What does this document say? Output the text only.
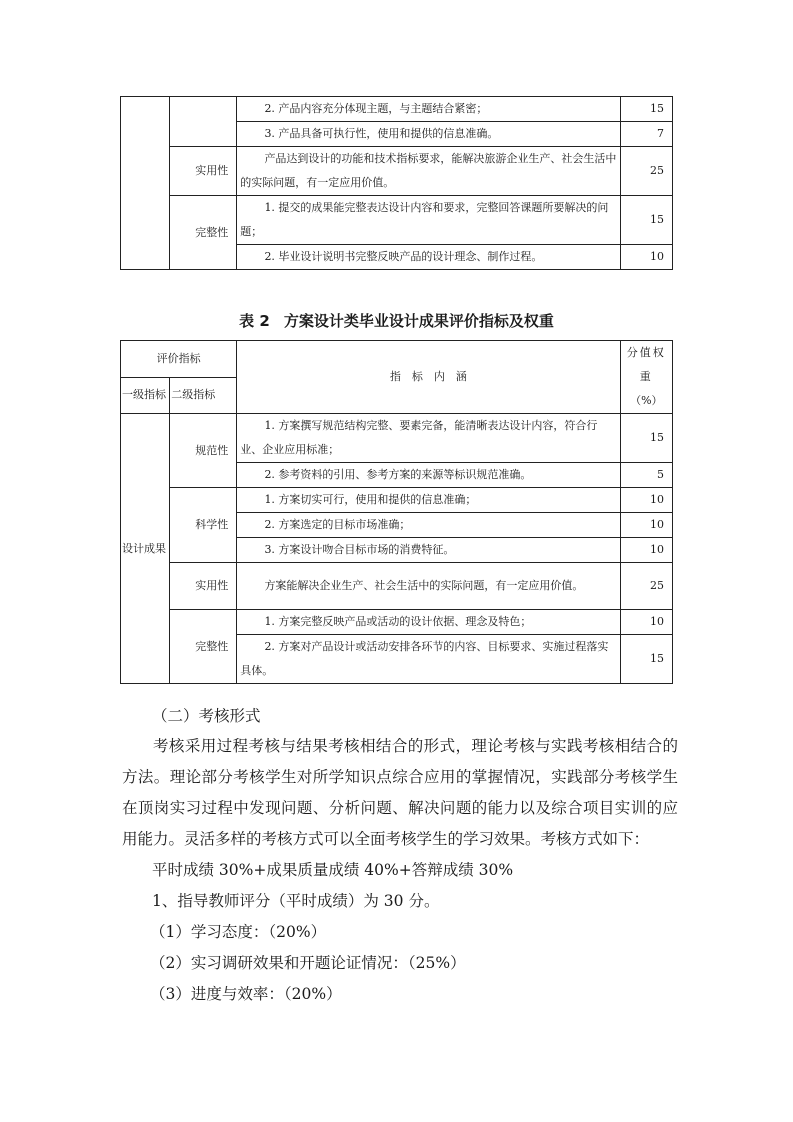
		2. 产品内容充分体现主题，与主题结合紧密；	15
		3. 产品具备可执行性，使用和提供的信息准确。	7
	实用性	产品达到设计的功能和技术指标要求，能解决旅游企业生产、社会生活中的实际问题，有一定应用价值。	25
	完整性	1. 提交的成果能完整表达设计内容和要求，完整回答课题所要解决的问题；	15
		2. 毕业设计说明书完整反映产品的设计理念、制作过程。	10
表 2 方案设计类毕业设计成果评价指标及权重
评价指标		指　标　内　涵	分值权重
（%）

一级指标	二级指标		
设计成果	规范性	1. 方案撰写规范结构完整、要素完备，能清晰表达设计内容，符合行业、企业应用标准；	15
		2. 参考资料的引用、参考方案的来源等标识规范准确。	5
	科学性	1. 方案切实可行，使用和提供的信息准确；	10
		2. 方案选定的目标市场准确；	10
		3. 方案设计吻合目标市场的消费特征。	10
	实用性	方案能解决企业生产、社会生活中的实际问题，有一定应用价值。	25
	完整性	1. 方案完整反映产品或活动的设计依据、理念及特色；	10
		2. 方案对产品设计或活动安排各环节的内容、目标要求、实施过程落实具体。	15
（二）考核形式
考核采用过程考核与结果考核相结合的形式，理论考核与实践考核相结合的方法。理论部分考核学生对所学知识点综合应用的掌握情况，实践部分考核学生在顶岗实习过程中发现问题、分析问题、解决问题的能力以及综合项目实训的应用能力。灵活多样的考核方式可以全面考核学生的学习效果。考核方式如下：
平时成绩 30%+成果质量成绩 40%+答辩成绩 30%
1、指导教师评分（平时成绩）为 30 分。
（1）学习态度：（20%）
（2）实习调研效果和开题论证情况：（25%）
（3）进度与效率：（20%）
